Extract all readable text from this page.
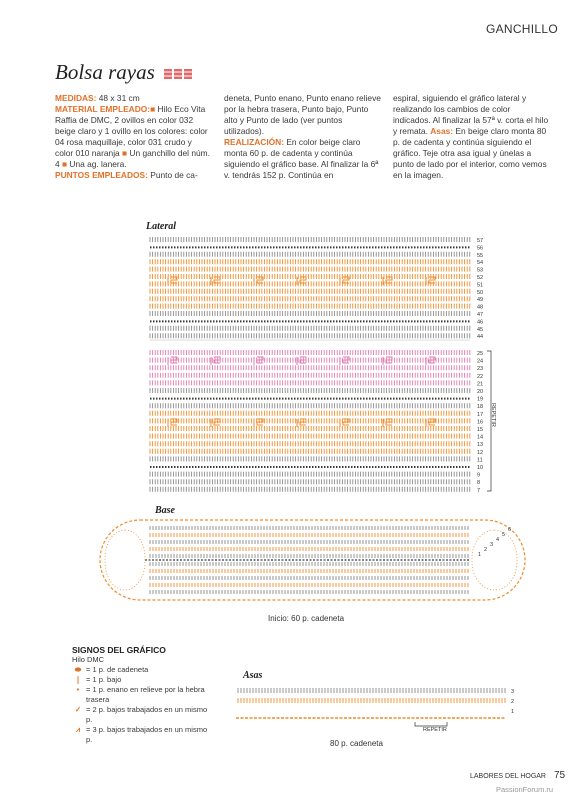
GANCHILLO
Bolsa rayas
MEDIDAS: 48 x 31 cm
MATERIAL EMPLEADO:■ Hilo Eco Vita Raffia de DMC, 2 ovillos en color 032 beige claro y 1 ovillo en los colores: color 04 rosa maquillaje, color 031 crudo y color 010 naranja ■ Un ganchillo del núm. 4 ■ Una ag. lanera.
PUNTOS EMPLEADOS: Punto de ca-
deneta, Punto enano, Punto enano relieve por la hebra trasera, Punto bajo, Punto alto y Punto de lado (ver puntos utilizados).
REALIZACIÓN: En color beige claro monta 60 p. de cadenta y continúa siguiendo el gráfico base. Al finalizar la 6ª v. tendrás 152 p. Continúa en
espiral, siguiendo el gráfico lateral y realizando los cambios de color indicados. Al finalizar la 57ª v. corta el hilo y remata. Asas: En beige claro monta 80 p. de cadenta y continúa siguiendo el gráfico. Teje otra asa igual y únelas a punto de lado por el interior, como vemos en la imagen.
Lateral
Base
Inicio: 60 p. cadeneta
Asas
80 p. cadeneta
REPETIR
REPETIR
57
56
55
54
53
52
51
50
49
48
47
46
45
44
25
24
23
22
21
20
19
18
17
16
15
14
13
12
11
10
9
8
7
1
2
3
4
5
6
3
2
1
SIGNOS DEL GRÁFICO
Hilo DMC
⬬ = 1 p. de cadeneta
❘ = 1 p. bajo
• = 1 p. enano en relieve por la hebra trasera
✓ = 2 p. bajos trabajados en un mismo p.
⩘ = 3 p. bajos trabajados en un mismo p.
LABORES DEL HOGAR 75
PassionForum.ru
